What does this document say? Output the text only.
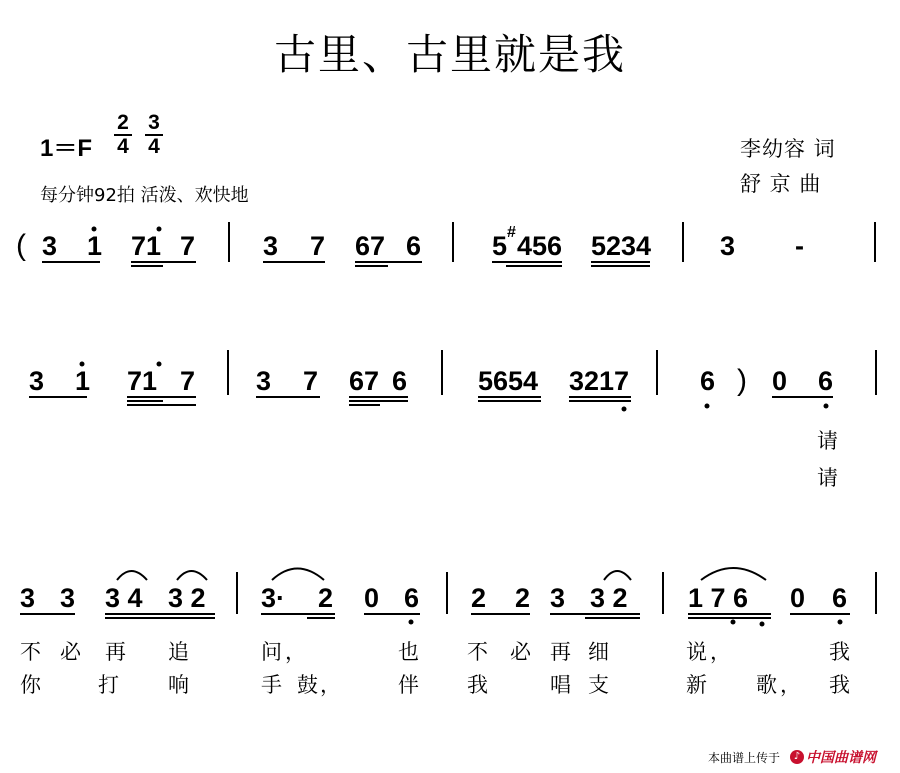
古里、古里就是我
1＝F
2
4
3
4
每分钟92拍 活泼、欢快地
李幼容 词
舒 京 曲
( 3 1 71 7	3 7 67 6	5 # 456 5234	3 -
3 1 71 7 3 7 67 6	5654 3217	6 ) 0 6
请
请
3 3 3 4 3 2 3· 2 0 6 2 2 3 3 2 1 7 6 0 6
不 必 再 追	问 ，	也 不 必 再 细	说 ，	我
你	打 响	手 鼓 ，	伴 我	唱 支	新 歌 ， 我
本曲谱上传于	♪ 中国曲谱网
